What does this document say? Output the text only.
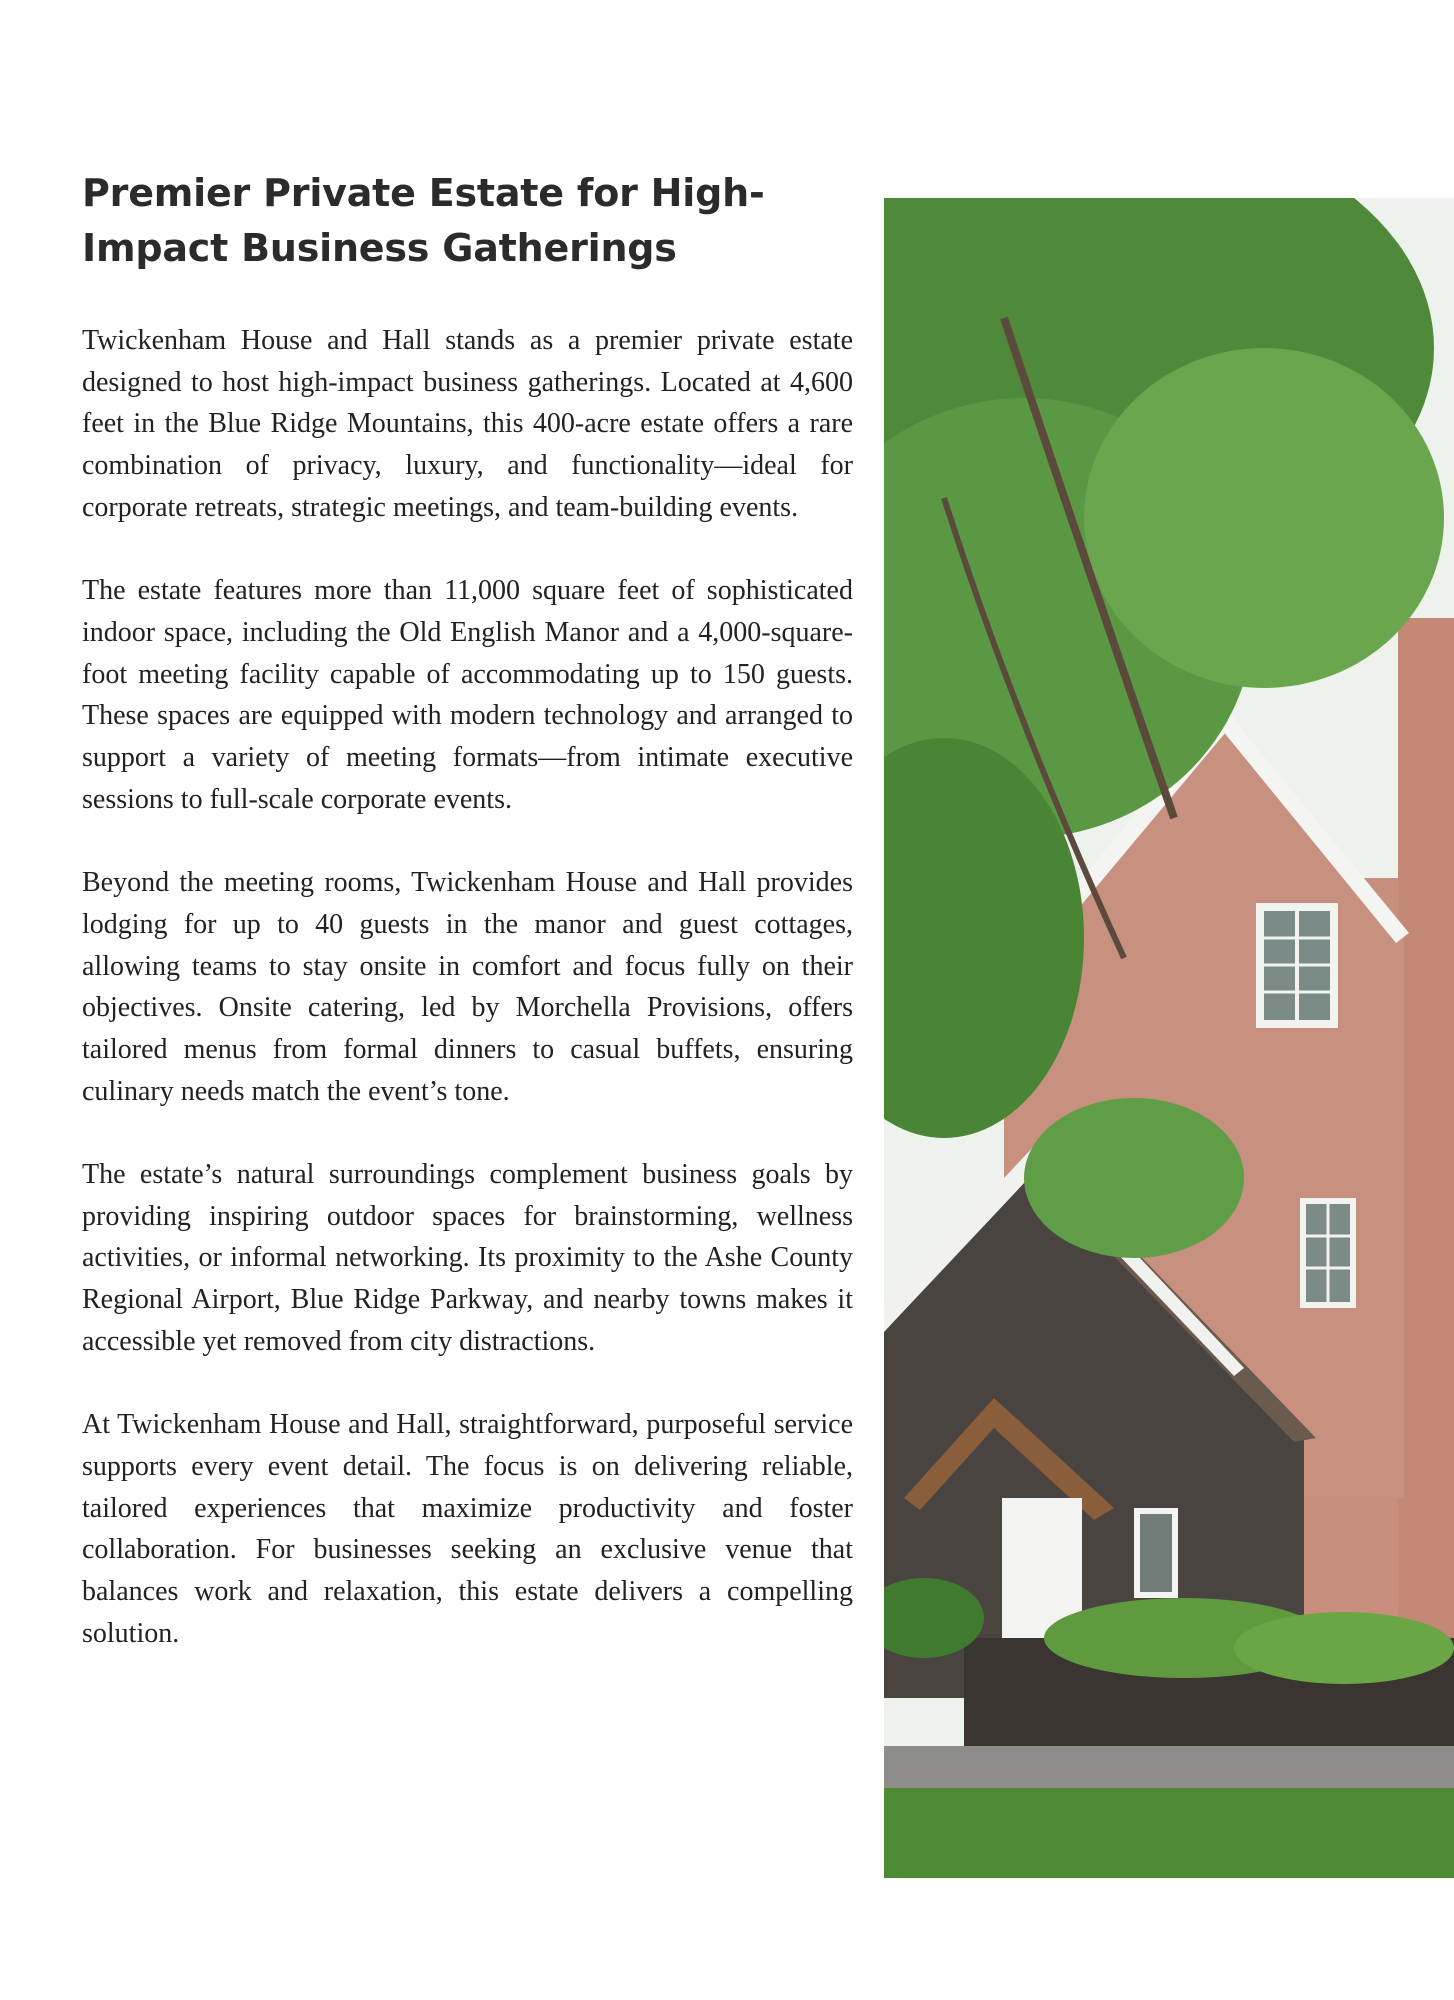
Premier Private Estate for High-Impact Business Gatherings

Twickenham House and Hall stands as a premier private estate designed to host high-impact business gatherings. Located at 4,600 feet in the Blue Ridge Mountains, this 400-acre estate offers a rare combination of privacy, luxury, and functionality—ideal for corporate retreats, strategic meetings, and team-building events.

The estate features more than 11,000 square feet of sophisticated indoor space, including the Old English Manor and a 4,000-square-foot meeting facility capable of accommodating up to 150 guests. These spaces are equipped with modern technology and arranged to support a variety of meeting formats—from intimate executive sessions to full-scale corporate events.

Beyond the meeting rooms, Twickenham House and Hall provides lodging for up to 40 guests in the manor and guest cottages, allowing teams to stay onsite in comfort and focus fully on their objectives. Onsite catering, led by Morchella Provisions, offers tailored menus from formal dinners to casual buffets, ensuring culinary needs match the event’s tone.

The estate’s natural surroundings complement business goals by providing inspiring outdoor spaces for brainstorming, wellness activities, or informal networking. Its proximity to the Ashe County Regional Airport, Blue Ridge Parkway, and nearby towns makes it accessible yet removed from city distractions.

At Twickenham House and Hall, straightforward, purposeful service supports every event detail. The focus is on delivering reliable, tailored experiences that maximize productivity and foster collaboration. For businesses seeking an exclusive venue that balances work and relaxation, this estate delivers a compelling solution.
